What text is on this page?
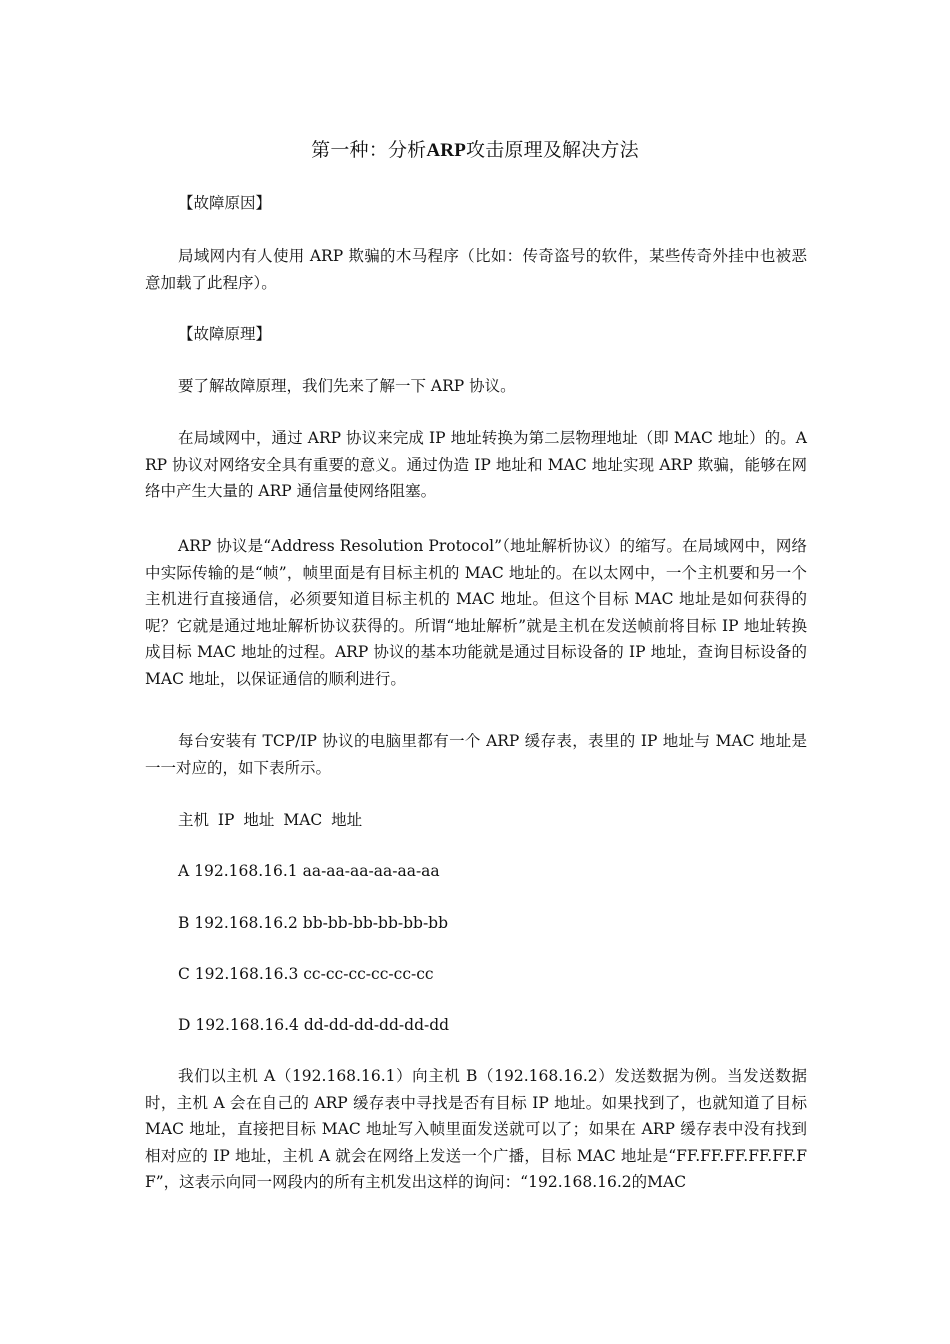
第一种：分析ARP攻击原理及解决方法
【故障原因】
局域网内有人使用 ARP 欺骗的木马程序（比如：传奇盗号的软件，某些传奇外挂中也被恶意加载了此程序）。
【故障原理】
要了解故障原理，我们先来了解一下 ARP 协议。
在局域网中，通过 ARP 协议来完成 IP 地址转换为第二层物理地址（即 MAC 地址）的。ARP 协议对网络安全具有重要的意义。通过伪造 IP 地址和 MAC 地址实现 ARP 欺骗，能够在网络中产生大量的 ARP 通信量使网络阻塞。
ARP 协议是“Address Resolution Protocol”（地址解析协议）的缩写。在局域网中，网络中实际传输的是“帧”，帧里面是有目标主机的 MAC 地址的。在以太网中，一个主机要和另一个主机进行直接通信，必须要知道目标主机的 MAC 地址。但这个目标 MAC 地址是如何获得的呢？它就是通过地址解析协议获得的。所谓“地址解析”就是主机在发送帧前将目标 IP 地址转换成目标 MAC 地址的过程。ARP 协议的基本功能就是通过目标设备的 IP 地址，查询目标设备的 MAC 地址，以保证通信的顺利进行。
每台安装有 TCP/IP 协议的电脑里都有一个 ARP 缓存表，表里的 IP 地址与 MAC 地址是一一对应的，如下表所示。
主机 IP 地址 MAC 地址
A 192.168.16.1 aa-aa-aa-aa-aa-aa
B 192.168.16.2 bb-bb-bb-bb-bb-bb
C 192.168.16.3 cc-cc-cc-cc-cc-cc
D 192.168.16.4 dd-dd-dd-dd-dd-dd
我们以主机 A（192.168.16.1）向主机 B（192.168.16.2）发送数据为例。当发送数据时，主机 A 会在自己的 ARP 缓存表中寻找是否有目标 IP 地址。如果找到了，也就知道了目标 MAC 地址，直接把目标 MAC 地址写入帧里面发送就可以了；如果在 ARP 缓存表中没有找到相对应的 IP 地址，主机 A 就会在网络上发送一个广播，目标 MAC 地址是“FF.FF.FF.FF.FF.FF”，这表示向同一网段内的所有主机发出这样的询问：“192.168.16.2的MAC
